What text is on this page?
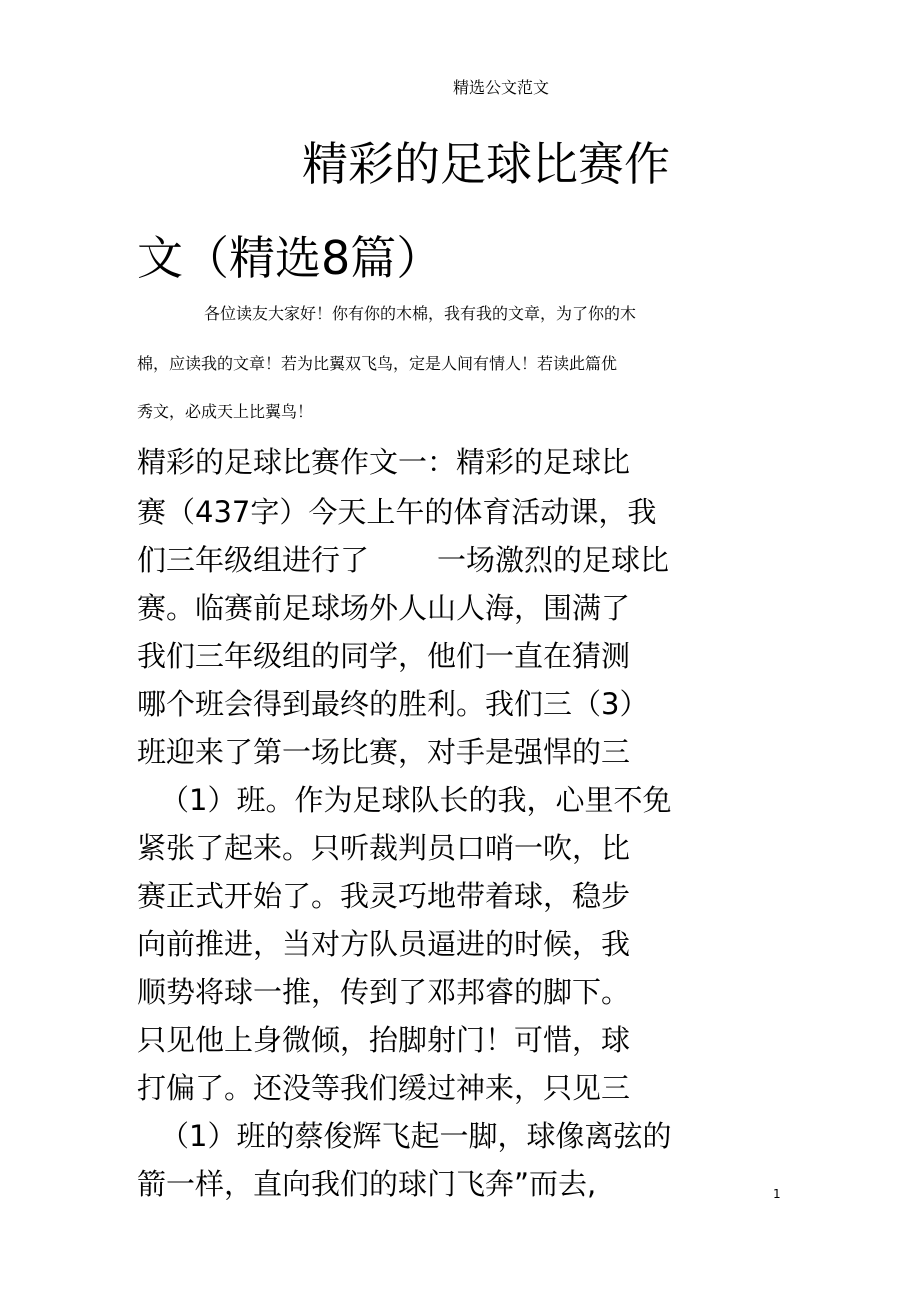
精选公文范文
精彩的足球比赛作
文（精选8篇）
各位读友大家好！你有你的木棉，我有我的文章，为了你的木
棉，应读我的文章！若为比翼双飞鸟，定是人间有情人！若读此篇优
秀文，必成天上比翼鸟！
精彩的足球比赛作文一：精彩的足球比
赛（437字）今天上午的体育活动课，我
们三年级组进行了 一场激烈的足球比
赛。临赛前足球场外人山人海，围满了
我们三年级组的同学，他们一直在猜测
哪个班会得到最终的胜利。我们三（3）
班迎来了第一场比赛，对手是强悍的三
（1）班。作为足球队长的我，心里不免
紧张了起来。只听裁判员口哨一吹，比
赛正式开始了。我灵巧地带着球，稳步
向前推进，当对方队员逼进的时候，我
顺势将球一推，传到了邓邦睿的脚下。
只见他上身微倾，抬脚射门！可惜，球
打偏了。还没等我们缓过神来，只见三
（1）班的蔡俊辉飞起一脚，球像离弦的
箭一样，直向我们的球门飞奔”而去,	1
